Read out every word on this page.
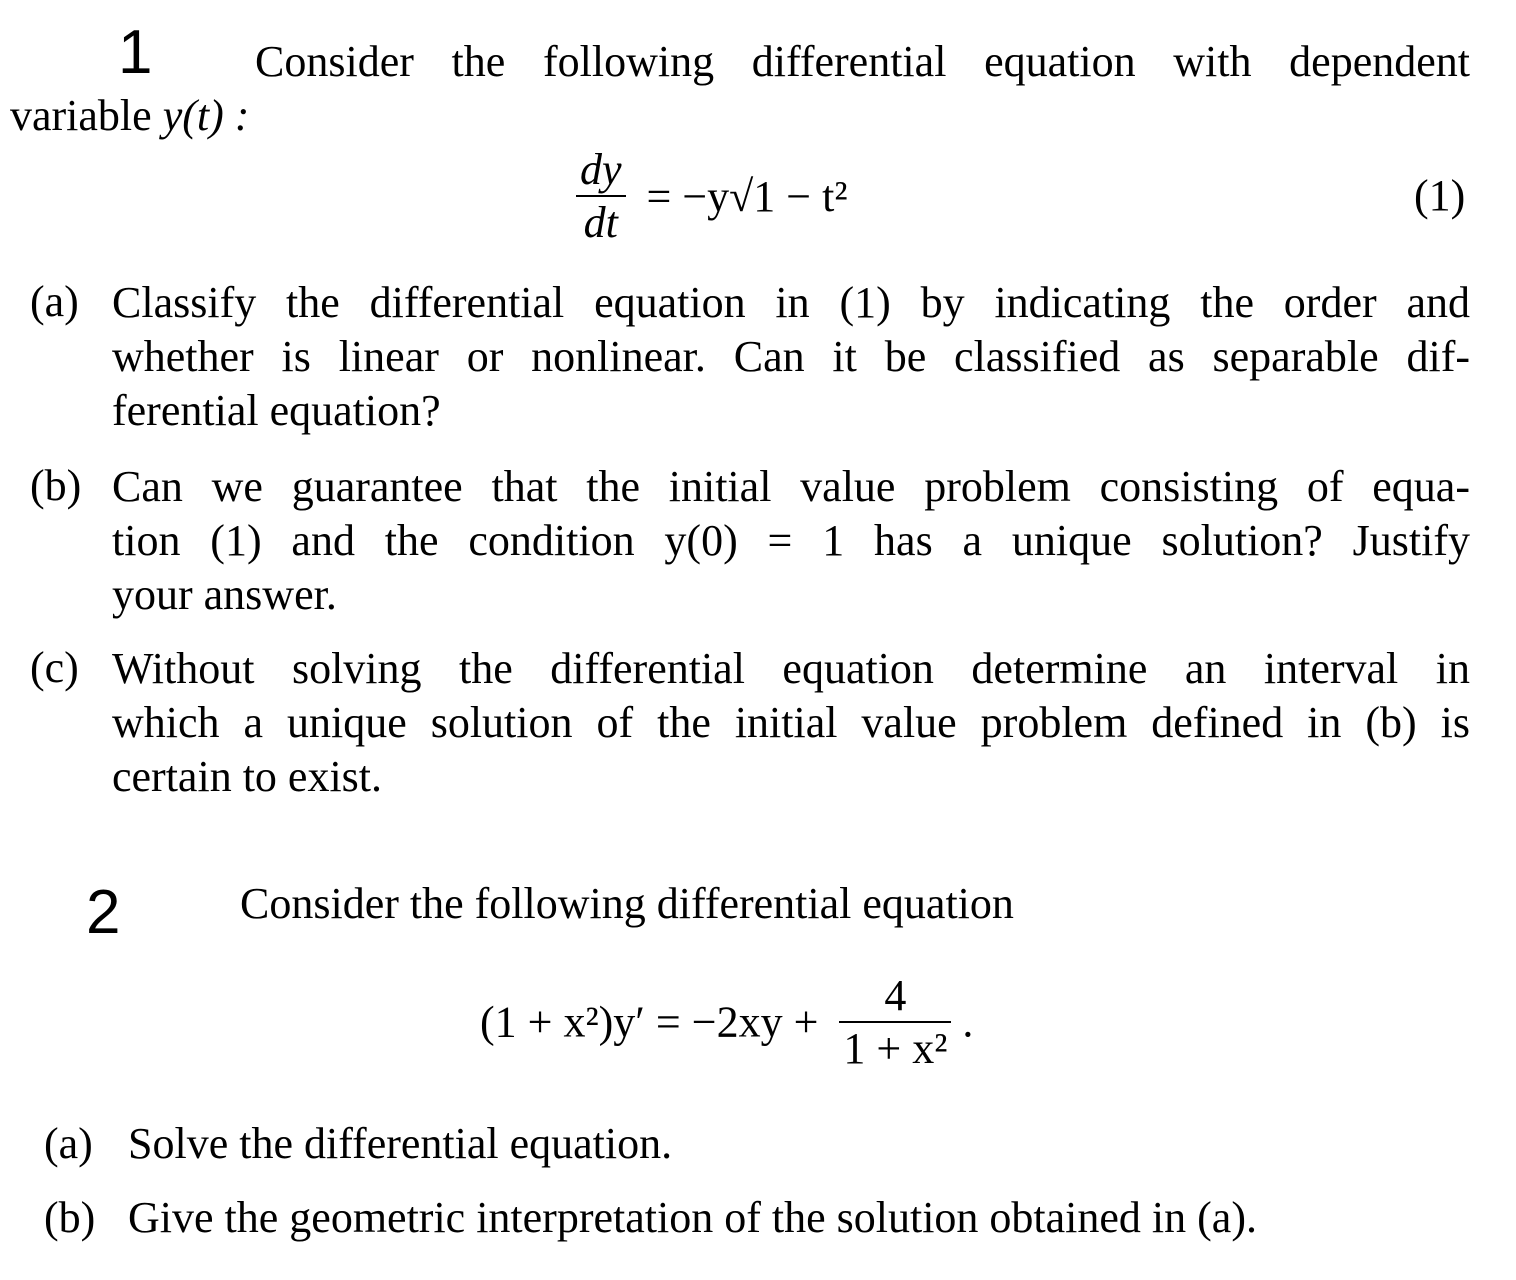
1 Consider the following differential equation with dependent
variable y(t) :
$\frac{dy}{dt} = -y√1 - t^2$	(1)
(a) Classify the differential equation in (1) by indicating the order and
whether is linear or nonlinear. Can it be classified as separable dif-
ferential equation?
(b) Can we guarantee that the initial value problem consisting of equa-
tion (1) and the condition y(0) = 1 has a unique solution? Justify
your answer.
(c) Without solving the differential equation determine an interval in
which a unique solution of the initial value problem defined in (b) is
certain to exist.
2	Consider the following differential equation
$(1 + x^2)y' = -2xy + \frac{4}{\text{1 + x²}}$ .
(a) Solve the differential equation.
(b) Give the geometric interpretation of the solution obtained in (a).
